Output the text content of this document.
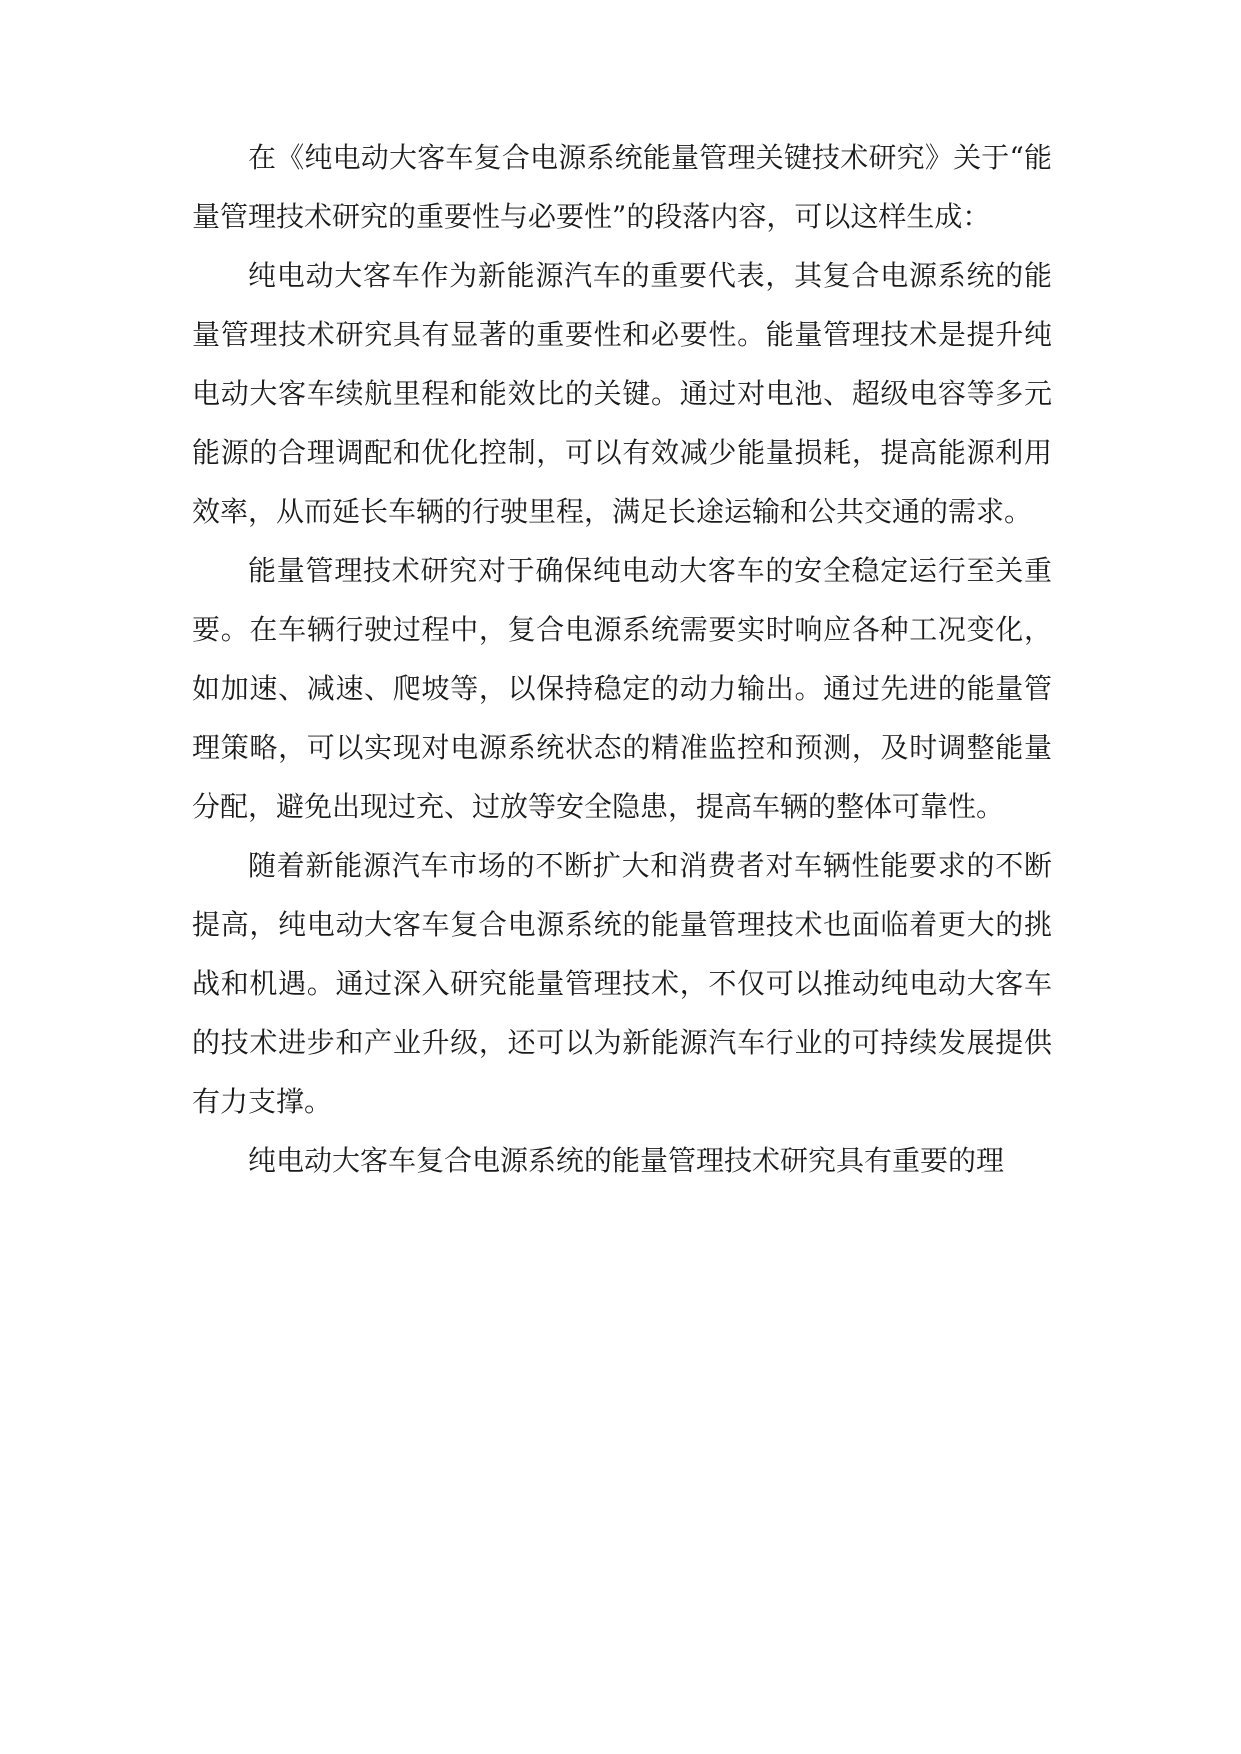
在《纯电动大客车复合电源系统能量管理关键技术研究》关于“能量管理技术研究的重要性与必要性”的段落内容，可以这样生成：

纯电动大客车作为新能源汽车的重要代表，其复合电源系统的能量管理技术研究具有显著的重要性和必要性。能量管理技术是提升纯电动大客车续航里程和能效比的关键。通过对电池、超级电容等多元能源的合理调配和优化控制，可以有效减少能量损耗，提高能源利用效率，从而延长车辆的行驶里程，满足长途运输和公共交通的需求。

能量管理技术研究对于确保纯电动大客车的安全稳定运行至关重要。在车辆行驶过程中，复合电源系统需要实时响应各种工况变化，如加速、减速、爬坡等，以保持稳定的动力输出。通过先进的能量管理策略，可以实现对电源系统状态的精准监控和预测，及时调整能量分配，避免出现过充、过放等安全隐患，提高车辆的整体可靠性。

随着新能源汽车市场的不断扩大和消费者对车辆性能要求的不断提高，纯电动大客车复合电源系统的能量管理技术也面临着更大的挑战和机遇。通过深入研究能量管理技术，不仅可以推动纯电动大客车的技术进步和产业升级，还可以为新能源汽车行业的可持续发展提供有力支撑。

纯电动大客车复合电源系统的能量管理技术研究具有重要的理
